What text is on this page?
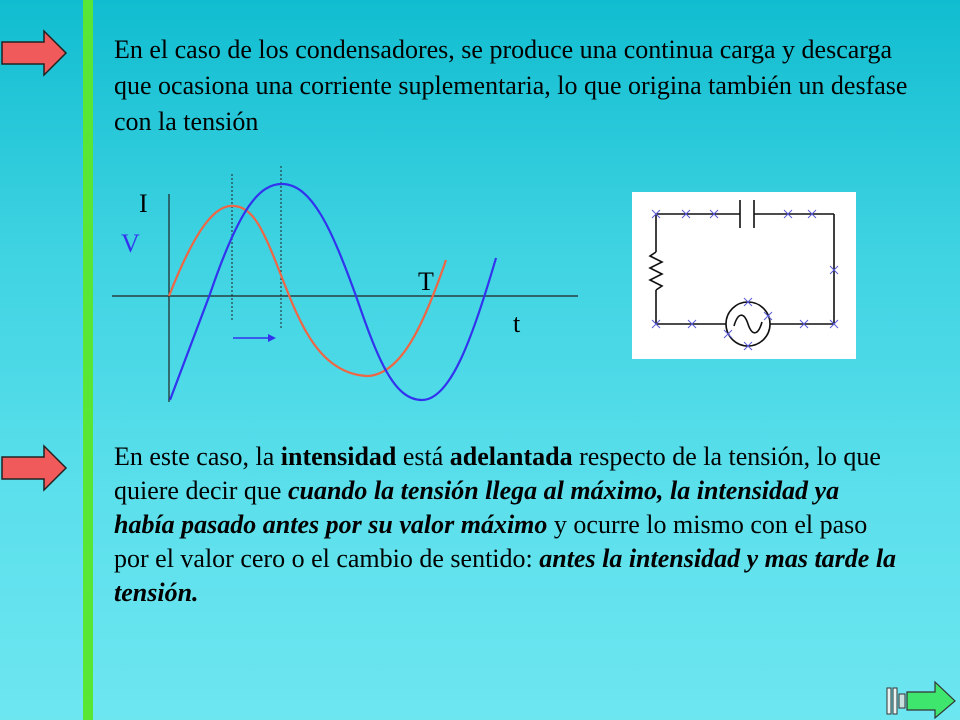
En el caso de los condensadores, se produce una continua carga y descarga que ocasiona una corriente suplementaria, lo que origina también un desfase con la tensión

I
V
T
t

En este caso, la intensidad está adelantada respecto de la tensión, lo que quiere decir que cuando la tensión llega al máximo, la intensidad ya había pasado antes por su valor máximo y ocurre lo mismo con el paso por el valor cero o el cambio de sentido: antes la intensidad y mas tarde la tensión.
